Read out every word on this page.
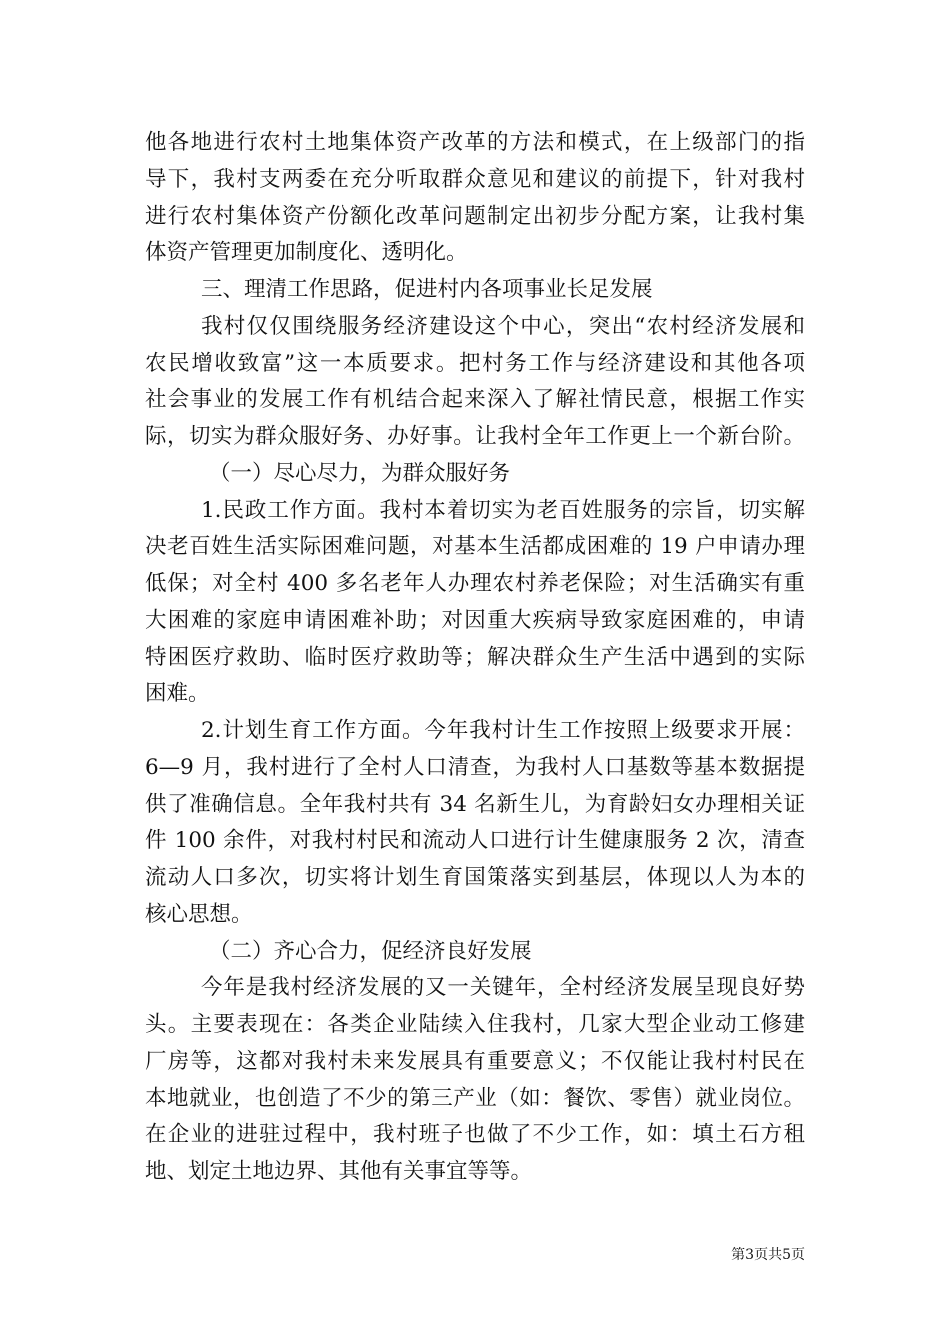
他各地进行农村土地集体资产改革的方法和模式，在上级部门的指
导下，我村支两委在充分听取群众意见和建议的前提下，针对我村
进行农村集体资产份额化改革问题制定出初步分配方案，让我村集
体资产管理更加制度化、透明化。
三、理清工作思路，促进村内各项事业长足发展
我村仅仅围绕服务经济建设这个中心，突出“农村经济发展和
农民增收致富”这一本质要求。把村务工作与经济建设和其他各项
社会事业的发展工作有机结合起来深入了解社情民意，根据工作实
际，切实为群众服好务、办好事。让我村全年工作更上一个新台阶。
（一）尽心尽力，为群众服好务
1.民政工作方面。我村本着切实为老百姓服务的宗旨，切实解
决老百姓生活实际困难问题，对基本生活都成困难的 19 户申请办理
低保；对全村 400 多名老年人办理农村养老保险；对生活确实有重
大困难的家庭申请困难补助；对因重大疾病导致家庭困难的，申请
特困医疗救助、临时医疗救助等；解决群众生产生活中遇到的实际
困难。
2.计划生育工作方面。今年我村计生工作按照上级要求开展：
6—9 月，我村进行了全村人口清查，为我村人口基数等基本数据提
供了准确信息。全年我村共有 34 名新生儿，为育龄妇女办理相关证
件 100 余件，对我村村民和流动人口进行计生健康服务 2 次，清查
流动人口多次，切实将计划生育国策落实到基层，体现以人为本的
核心思想。
（二）齐心合力，促经济良好发展
今年是我村经济发展的又一关键年，全村经济发展呈现良好势
头。主要表现在：各类企业陆续入住我村，几家大型企业动工修建
厂房等，这都对我村未来发展具有重要意义；不仅能让我村村民在
本地就业，也创造了不少的第三产业（如：餐饮、零售）就业岗位。
在企业的进驻过程中，我村班子也做了不少工作，如：填土石方租
地、划定土地边界、其他有关事宜等等。
第3页共5页
